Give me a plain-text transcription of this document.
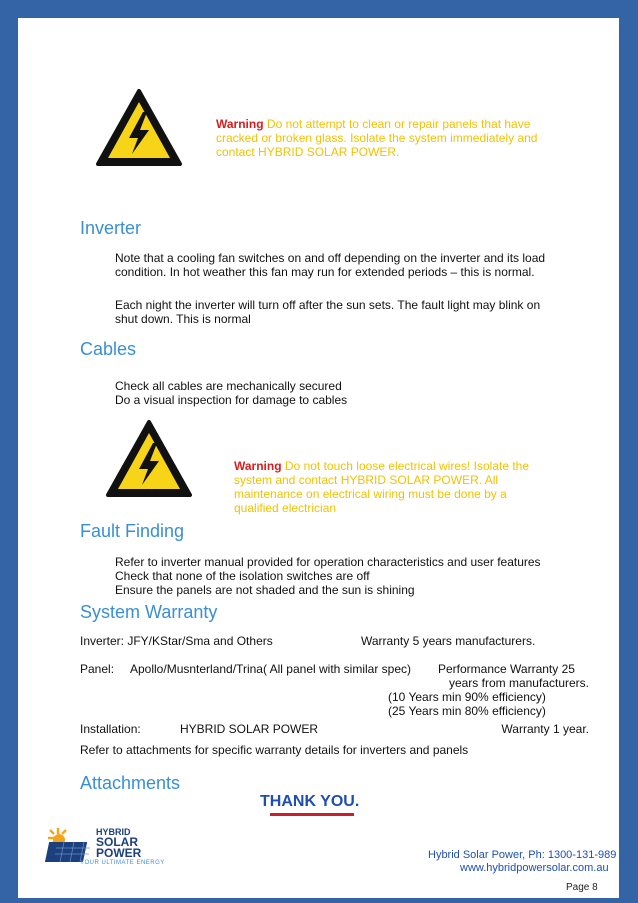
Warning Do not attempt to clean or repair panels that have cracked or broken glass. Isolate the system immediately and contact HYBRID SOLAR POWER.
Inverter
Note that a cooling fan switches on and off depending on the inverter and its load condition. In hot weather this fan may run for extended periods – this is normal.
Each night the inverter will turn off after the sun sets. The fault light may blink on shut down. This is normal
Cables
Check all cables are mechanically secured
Do a visual inspection for damage to cables
Warning Do not touch loose electrical wires! Isolate the system and contact HYBRID SOLAR POWER. All maintenance on electrical wiring must be done by a qualified electrician
Fault Finding
Refer to inverter manual provided for operation characteristics and user features
Check that none of the isolation switches are off
Ensure the panels are not shaded and the sun is shining
System Warranty
Inverter: JFY/KStar/Sma and Others	Warranty 5 years manufacturers.
Panel: Apollo/Musnterland/Trina( All panel with similar spec) Performance Warranty 25
years from manufacturers.
(10 Years min 90% efficiency)
(25 Years min 80% efficiency)
Installation:	HYBRID SOLAR POWER	Warranty 1 year.
Refer to attachments for specific warranty details for inverters and panels
Attachments
THANK YOU.
HYBRID
SOLAR
POWER
YOUR ULTIMATE ENERGY
Hybrid Solar Power, Ph: 1300-131-989
www.hybridpowersolar.com.au
Page 8
